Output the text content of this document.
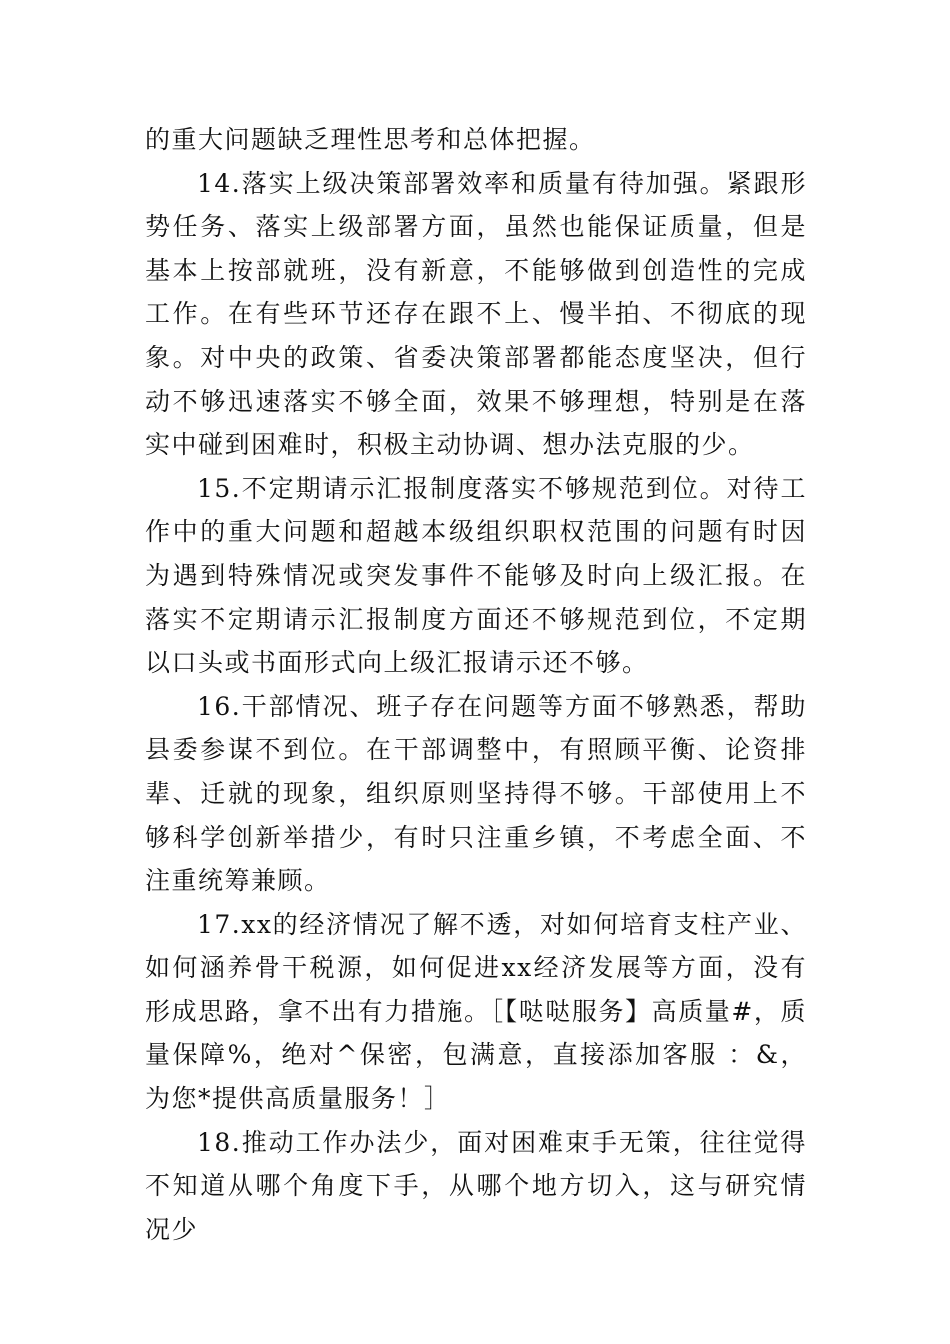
的重大问题缺乏理性思考和总体把握。

14.落实上级决策部署效率和质量有待加强。紧跟形势任务、落实上级部署方面，虽然也能保证质量，但是基本上按部就班，没有新意，不能够做到创造性的完成工作。在有些环节还存在跟不上、慢半拍、不彻底的现象。对中央的政策、省委决策部署都能态度坚决，但行动不够迅速落实不够全面，效果不够理想，特别是在落实中碰到困难时，积极主动协调、想办法克服的少。

15.不定期请示汇报制度落实不够规范到位。对待工作中的重大问题和超越本级组织职权范围的问题有时因为遇到特殊情况或突发事件不能够及时向上级汇报。在落实不定期请示汇报制度方面还不够规范到位，不定期以口头或书面形式向上级汇报请示还不够。

16.干部情况、班子存在问题等方面不够熟悉，帮助县委参谋不到位。在干部调整中，有照顾平衡、论资排辈、迁就的现象，组织原则坚持得不够。干部使用上不够科学创新举措少，有时只注重乡镇，不考虑全面、不注重统筹兼顾。

17.xx的经济情况了解不透，对如何培育支柱产业、如何涵养骨干税源，如何促进xx经济发展等方面，没有形成思路，拿不出有力措施。［【哒哒服务】高质量#，质量保障%，绝对^保密，包满意，直接添加客服 ：&，为您*提供高质量服务！］

18.推动工作办法少，面对困难束手无策，往往觉得不知道从哪个角度下手，从哪个地方切入，这与研究情况少
